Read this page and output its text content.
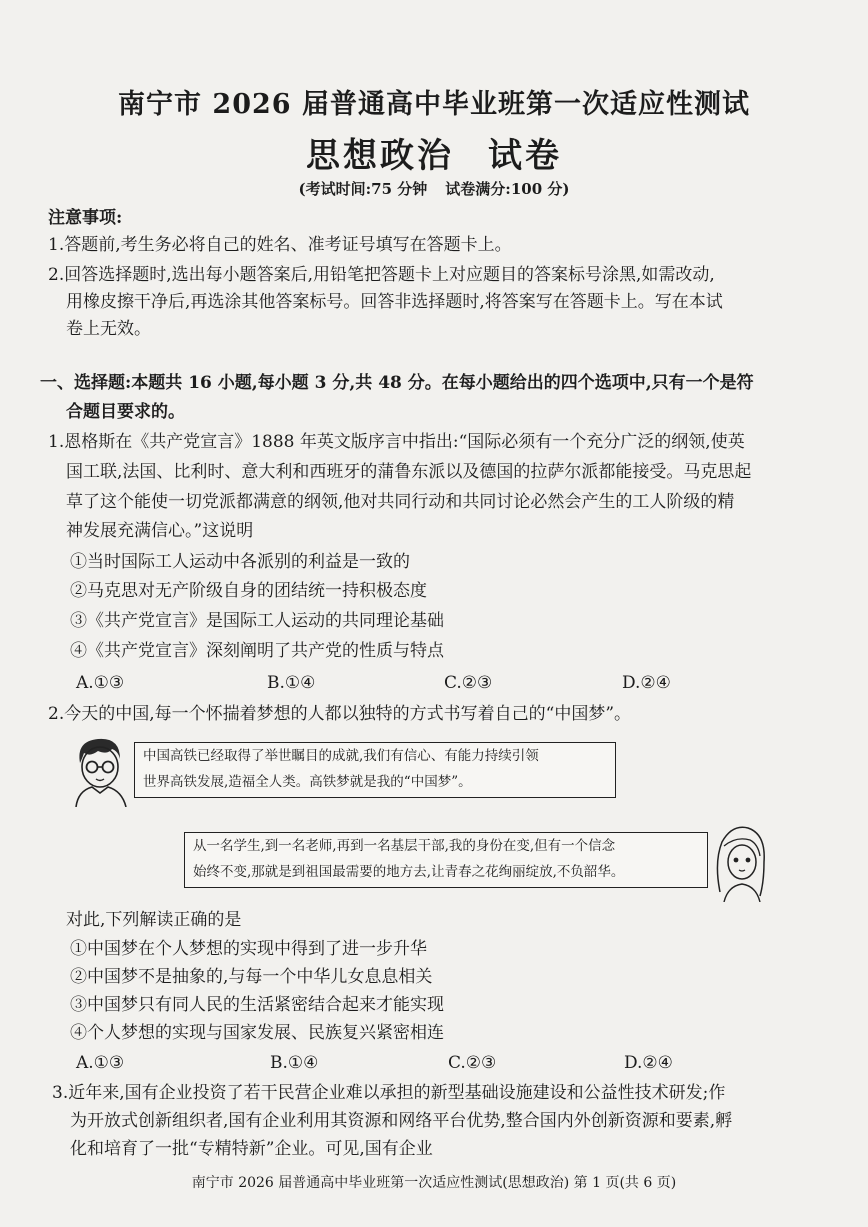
南宁市 2026 届普通高中毕业班第一次适应性测试
思想政治 试卷
(考试时间:75 分钟 试卷满分:100 分)
注意事项:
1.答题前,考生务必将自己的姓名、准考证号填写在答题卡上。
2.回答选择题时,选出每小题答案后,用铅笔把答题卡上对应题目的答案标号涂黑,如需改动,
用橡皮擦干净后,再选涂其他答案标号。回答非选择题时,将答案写在答题卡上。写在本试
卷上无效。
一、选择题:本题共 16 小题,每小题 3 分,共 48 分。在每小题给出的四个选项中,只有一个是符
合题目要求的。
1.恩格斯在《共产党宣言》1888 年英文版序言中指出:“国际必须有一个充分广泛的纲领,使英
国工联,法国、比利时、意大利和西班牙的蒲鲁东派以及德国的拉萨尔派都能接受。马克思起
草了这个能使一切党派都满意的纲领,他对共同行动和共同讨论必然会产生的工人阶级的精
神发展充满信心。”这说明
①当时国际工人运动中各派别的利益是一致的
②马克思对无产阶级自身的团结统一持积极态度
③《共产党宣言》是国际工人运动的共同理论基础
④《共产党宣言》深刻阐明了共产党的性质与特点
A.①③	B.①④	C.②③	D.②④
2.今天的中国,每一个怀揣着梦想的人都以独特的方式书写着自己的“中国梦”。
中国高铁已经取得了举世瞩目的成就,我们有信心、有能力持续引领
世界高铁发展,造福全人类。高铁梦就是我的“中国梦”。
从一名学生,到一名老师,再到一名基层干部,我的身份在变,但有一个信念
始终不变,那就是到祖国最需要的地方去,让青春之花绚丽绽放,不负韶华。
对此,下列解读正确的是
①中国梦在个人梦想的实现中得到了进一步升华
②中国梦不是抽象的,与每一个中华儿女息息相关
③中国梦只有同人民的生活紧密结合起来才能实现
④个人梦想的实现与国家发展、民族复兴紧密相连
A.①③	B.①④	C.②③	D.②④
3.近年来,国有企业投资了若干民营企业难以承担的新型基础设施建设和公益性技术研发;作
为开放式创新组织者,国有企业利用其资源和网络平台优势,整合国内外创新资源和要素,孵
化和培育了一批“专精特新”企业。可见,国有企业
南宁市 2026 届普通高中毕业班第一次适应性测试(思想政治) 第 1 页(共 6 页)
